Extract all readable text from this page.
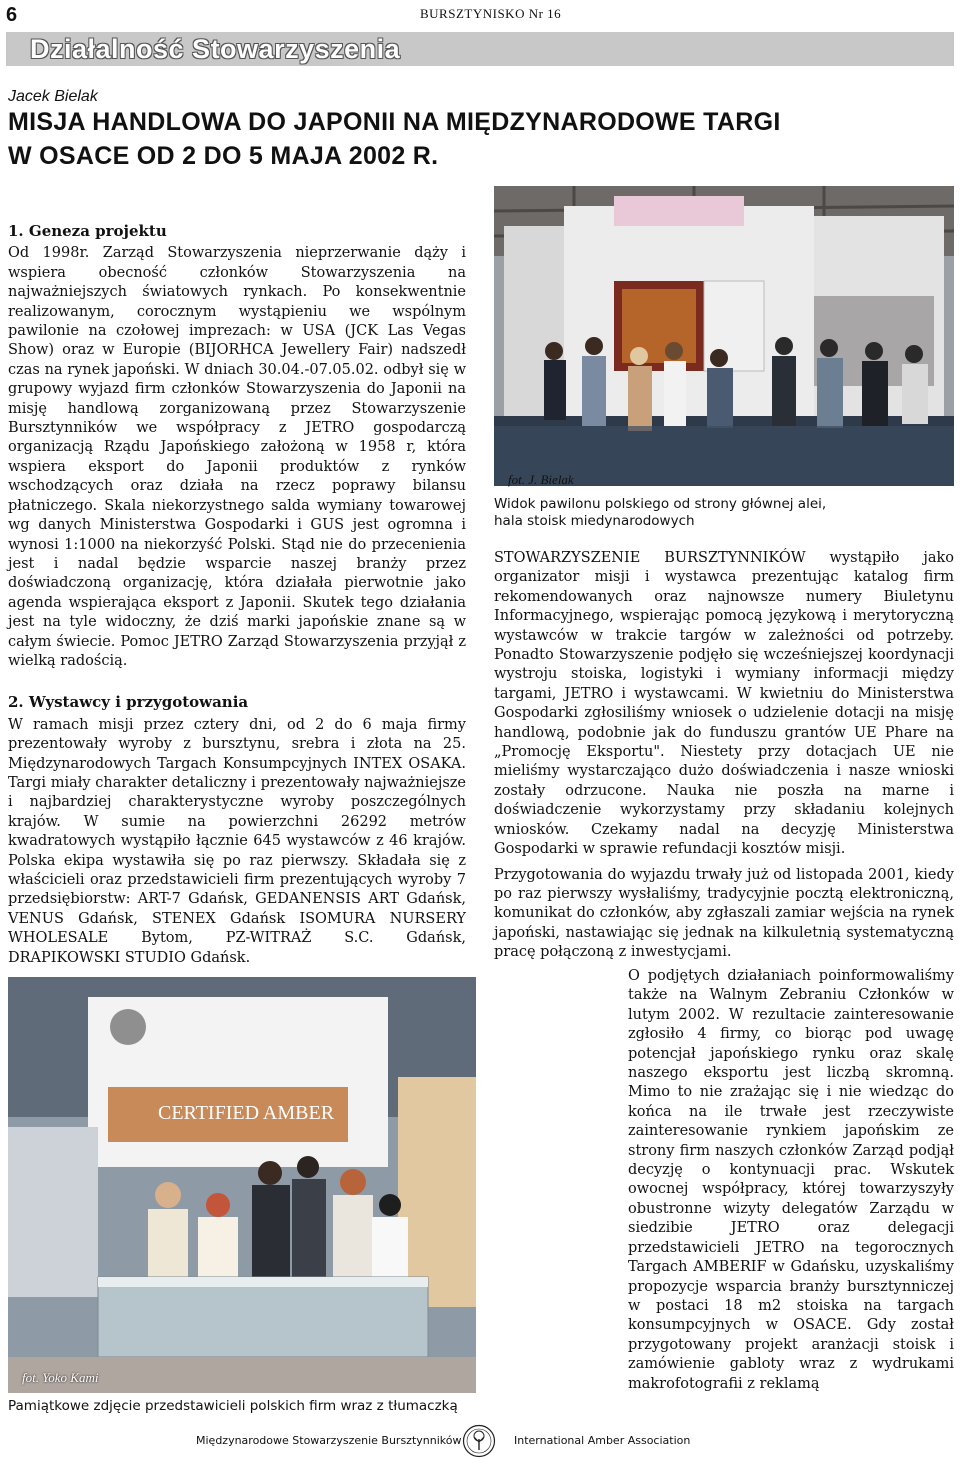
6	BURSZTYNISKO Nr 16
Działalność Stowarzyszenia
Jacek Bielak
MISJA HANDLOWA DO JAPONII NA MIĘDZYNARODOWE TARGI
W OSACE OD 2 DO 5 MAJA 2002 R.
1. Geneza projektu

Od 1998r. Zarząd Stowarzyszenia nieprzerwanie dąży i wspiera obecność członków Stowarzyszenia na najważniejszych światowych rynkach. Po konsekwentnie realizowanym, corocznym wystąpieniu we wspólnym pawilonie na czołowej imprezach: w USA (JCK Las Vegas Show) oraz w Europie (BIJORHCA Jewellery Fair) nadszedł czas na rynek japoński. W dniach 30.04.-07.05.02. odbył się w grupowy wyjazd firm członków Stowarzyszenia do Japonii na misję handlową zorganizowaną przez Stowarzyszenie Bursztynników we współpracy z JETRO gospodarczą organizacją Rządu Japońskiego założoną w 1958 r, która wspiera eksport do Japonii produktów z rynków wschodzących oraz działa na rzecz poprawy bilansu płatniczego. Skala niekorzystnego salda wymiany towarowej wg danych Ministerstwa Gospodarki i GUS jest ogromna i wynosi 1:1000 na niekorzyść Polski. Stąd nie do przecenienia jest i nadal będzie wsparcie naszej branży przez doświadczoną organizację, która działała pierwotnie jako agenda wspierająca eksport z Japonii. Skutek tego działania jest na tyle widoczny, że dziś marki japońskie znane są w całym świecie. Pomoc JETRO Zarząd Stowarzyszenia przyjął z wielką radością.

2. Wystawcy i przygotowania

W ramach misji przez cztery dni, od 2 do 6 maja firmy prezentowały wyroby z bursztynu, srebra i złota na 25. Międzynarodowych Targach Konsumpcyjnych INTEX OSAKA. Targi miały charakter detaliczny i prezentowały najważniejsze i najbardziej charakterystyczne wyroby poszczególnych krajów. W sumie na powierzchni 26292 metrów kwadratowych wystąpiło łącznie 645 wystawców z 46 krajów. Polska ekipa wystawiła się po raz pierwszy. Składała się z właścicieli oraz przedstawicieli firm prezentujących wyroby 7 przedsiębiorstw: ART-7 Gdańsk, GEDANENSIS ART Gdańsk, VENUS Gdańsk, STENEX Gdańsk ISOMURA NURSERY WHOLESALE Bytom, PZ-WITRAŻ S.C. Gdańsk, DRAPIKOWSKI STUDIO Gdańsk.

fot. J. Bielak
Widok pawilonu polskiego od strony głównej alei,
hala stoisk miedynarodowych

STOWARZYSZENIE BURSZTYNNIKÓW wystąpiło jako organizator misji i wystawca prezentując katalog firm rekomendowanych oraz najnowsze numery Biuletynu Informacyjnego, wspierając pomocą językową i merytoryczną wystawców w trakcie targów w zależności od potrzeby. Ponadto Stowarzyszenie podjęło się wcześniejszej koordynacji wystroju stoiska, logistyki i wymiany informacji między targami, JETRO i wystawcami. W kwietniu do Ministerstwa Gospodarki zgłosiliśmy wniosek o udzielenie dotacji na misję handlową, podobnie jak do funduszu grantów UE Phare na „Promocję Eksportu". Niestety przy dotacjach UE nie mieliśmy wystarczająco dużo doświadczenia i nasze wnioski zostały odrzucone. Nauka nie poszła na marne i doświadczenie wykorzystamy przy składaniu kolejnych wniosków. Czekamy nadal na decyzję Ministerstwa Gospodarki w sprawie refundacji kosztów misji.

Przygotowania do wyjazdu trwały już od listopada 2001, kiedy po raz pierwszy wysłaliśmy, tradycyjnie pocztą elektroniczną, komunikat do członków, aby zgłaszali zamiar wejścia na rynek japoński, nastawiając się jednak na kilkuletnią systematyczną pracę połączoną z inwestycjami.

O podjętych działaniach poinformowaliśmy także na Walnym Zebraniu Członków w lutym 2002. W rezultacie zainteresowanie zgłosiło 4 firmy, co biorąc pod uwagę potencjał japońskiego rynku oraz skalę naszego eksportu jest liczbą skromną. Mimo to nie zrażając się i nie wiedząc do końca na ile trwałe jest rzeczywiste zainteresowanie rynkiem japońskim ze strony firm naszych członków Zarząd podjął decyzję o kontynuacji prac. Wskutek owocnej współpracy, której towarzyszyły obustronne wizyty delegatów Zarządu w siedzibie JETRO oraz delegacji przedstawicieli JETRO na tegorocznych Targach AMBERIF w Gdańsku, uzyskaliśmy propozycje wsparcia branży bursztynniczej w postaci 18 m2 stoiska na targach konsumpcyjnych w OSACE. Gdy został przygotowany projekt aranżacji stoisk i zamówienie gabloty wraz z wydrukami makrofotografii z reklamą

CERTIFIED AMBER
fot. Yoko Kami
Pamiątkowe zdjęcie przedstawicieli polskich firm wraz z tłumaczką
Międzynarodowe Stowarzyszenie Bursztynników	International Amber Association
